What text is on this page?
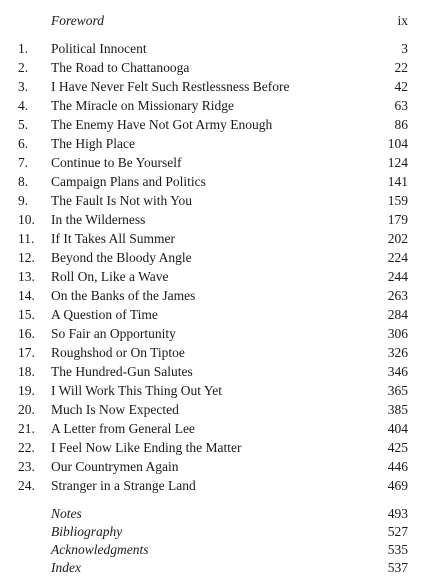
Foreword	ix
1.	Political Innocent	3
2.	The Road to Chattanooga	22
3.	I Have Never Felt Such Restlessness Before	42
4.	The Miracle on Missionary Ridge	63
5.	The Enemy Have Not Got Army Enough	86
6.	The High Place	104
7.	Continue to Be Yourself	124
8.	Campaign Plans and Politics	141
9.	The Fault Is Not with You	159
10. In the Wilderness	179
11. If It Takes All Summer	202
12. Beyond the Bloody Angle	224
13. Roll On, Like a Wave	244
14. On the Banks of the James	263
15. A Question of Time	284
16. So Fair an Opportunity	306
17. Roughshod or On Tiptoe	326
18. The Hundred-Gun Salutes	346
19. I Will Work This Thing Out Yet	365
20. Much Is Now Expected	385
21. A Letter from General Lee	404
22. I Feel Now Like Ending the Matter	425
23. Our Countrymen Again	446
24. Stranger in a Strange Land	469
Notes	493
Bibliography	527
Acknowledgments	535
Index	537
